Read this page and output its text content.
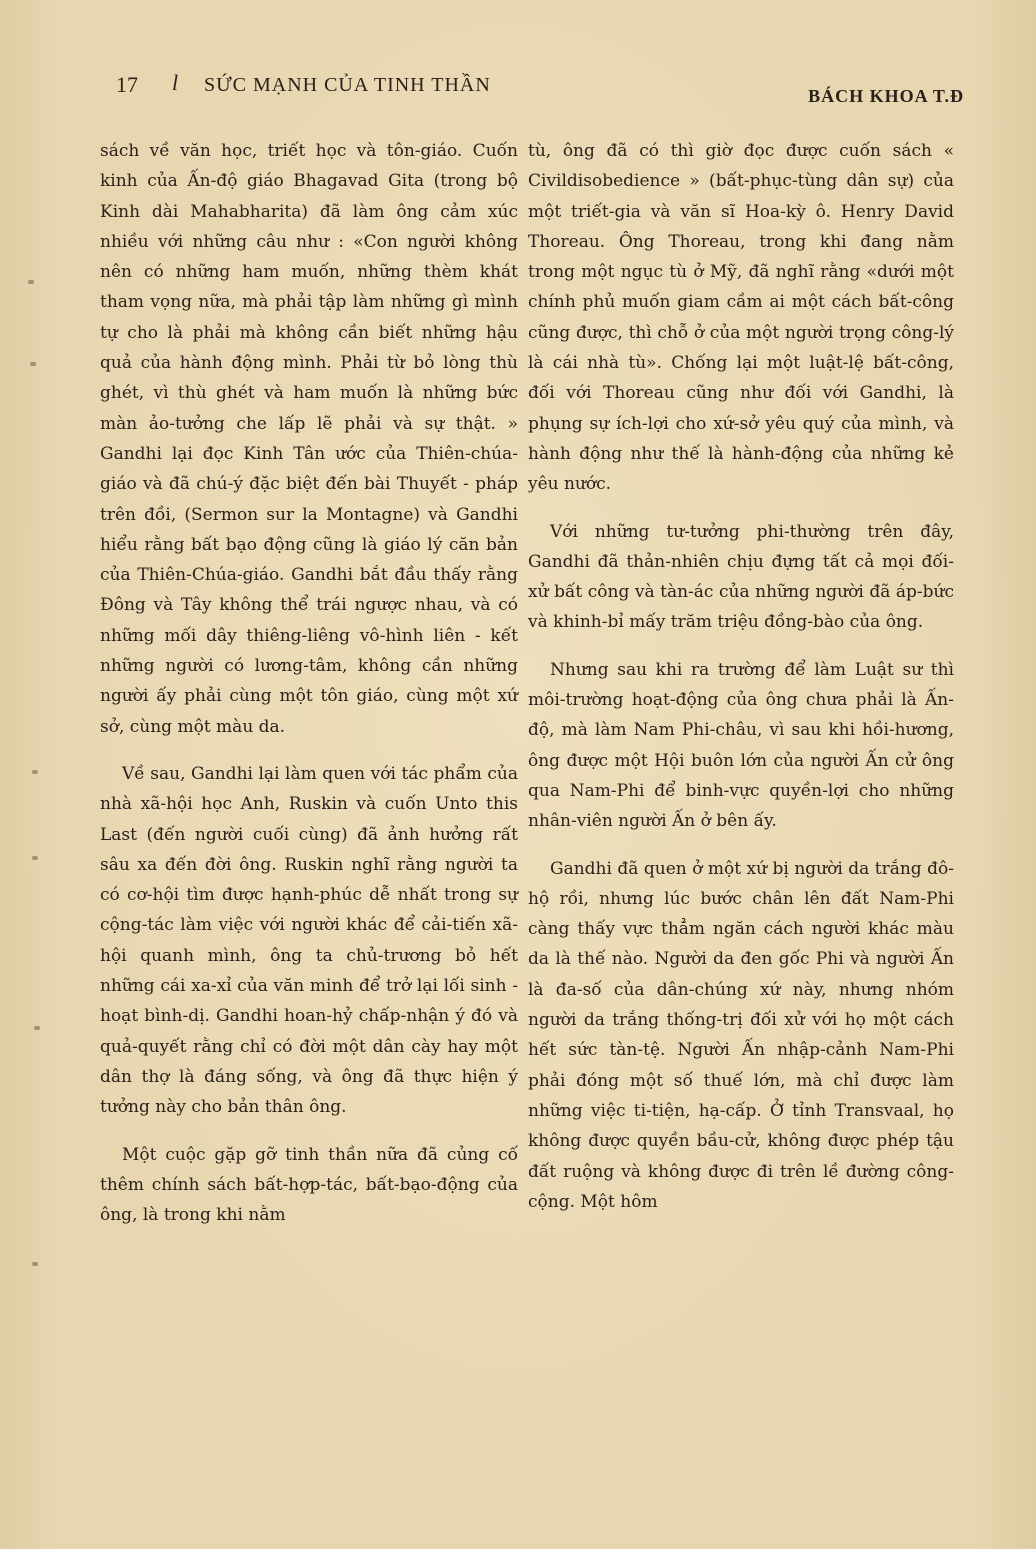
17 l SỨC MẠNH CỦA TINH THẦN	BÁCH KHOA T.Đ

sách về văn học, triết học và tôn-giáo. Cuốn kinh của Ấn-độ giáo Bhagavad Gita (trong bộ Kinh dài Mahabharita) đã làm ông cảm xúc nhiều với những câu như : «Con người không nên có những ham muốn, những thèm khát tham vọng nữa, mà phải tập làm những gì mình tự cho là phải mà không cần biết những hậu quả của hành động mình. Phải từ bỏ lòng thù ghét, vì thù ghét và ham muốn là những bức màn ảo-tưởng che lấp lẽ phải và sự thật. » Gandhi lại đọc Kinh Tân ước của Thiên-chúa-giáo và đã chú-ý đặc biệt đến bài Thuyết - pháp trên đồi, (Sermon sur la Montagne) và Gandhi hiểu rằng bất bạo động cũng là giáo lý căn bản của Thiên-Chúa-giáo. Gandhi bắt đầu thấy rằng Đông và Tây không thể trái ngược nhau, và có những mối dây thiêng-liêng vô-hình liên - kết những người có lương-tâm, không cần những người ấy phải cùng một tôn giáo, cùng một xứ sở, cùng một màu da.

Về sau, Gandhi lại làm quen với tác phẩm của nhà xã-hội học Anh, Ruskin và cuốn Unto this Last (đến người cuối cùng) đã ảnh hưởng rất sâu xa đến đời ông. Ruskin nghĩ rằng người ta có cơ-hội tìm được hạnh-phúc dễ nhất trong sự cộng-tác làm việc với người khác để cải-tiến xã-hội quanh mình, ông ta chủ-trương bỏ hết những cái xa-xỉ của văn minh để trở lại lối sinh - hoạt bình-dị. Gandhi hoan-hỷ chấp-nhận ý đó và quả-quyết rằng chỉ có đời một dân cày hay một dân thợ là đáng sống, và ông đã thực hiện ý tưởng này cho bản thân ông.

Một cuộc gặp gỡ tinh thần nữa đã củng cố thêm chính sách bất-hợp-tác, bất-bạo-động của ông, là trong khi nằm

tù, ông đã có thì giờ đọc được cuốn sách « Civildisobedience » (bất-phục-tùng dân sự) của một triết-gia và văn sĩ Hoa-kỳ ô. Henry David Thoreau. Ông Thoreau, trong khi đang nằm trong một ngục tù ở Mỹ, đã nghĩ rằng «dưới một chính phủ muốn giam cầm ai một cách bất-công cũng được, thì chỗ ở của một người trọng công-lý là cái nhà tù». Chống lại một luật-lệ bất-công, đối với Thoreau cũng như đối với Gandhi, là phụng sự ích-lợi cho xứ-sở yêu quý của mình, và hành động như thế là hành-động của những kẻ yêu nước.

Với những tư-tưởng phi-thường trên đây, Gandhi đã thản-nhiên chịu đựng tất cả mọi đối-xử bất công và tàn-ác của những người đã áp-bức và khinh-bỉ mấy trăm triệu đồng-bào của ông.

Nhưng sau khi ra trường để làm Luật sư thì môi-trường hoạt-động của ông chưa phải là Ấn-độ, mà làm Nam Phi-châu, vì sau khi hồi-hương, ông được một Hội buôn lớn của người Ấn cử ông qua Nam-Phi để binh-vực quyền-lợi cho những nhân-viên người Ấn ở bên ấy.

Gandhi đã quen ở một xứ bị người da trắng đô-hộ rồi, nhưng lúc bước chân lên đất Nam-Phi càng thấy vực thẳm ngăn cách người khác màu da là thế nào. Người da đen gốc Phi và người Ấn là đa-số của dân-chúng xứ này, nhưng nhóm người da trắng thống-trị đối xử với họ một cách hết sức tàn-tệ. Người Ấn nhập-cảnh Nam-Phi phải đóng một số thuế lớn, mà chỉ được làm những việc ti-tiện, hạ-cấp. Ở tỉnh Transvaal, họ không được quyền bầu-cử, không được phép tậu đất ruộng và không được đi trên lề đường công-cộng. Một hôm
